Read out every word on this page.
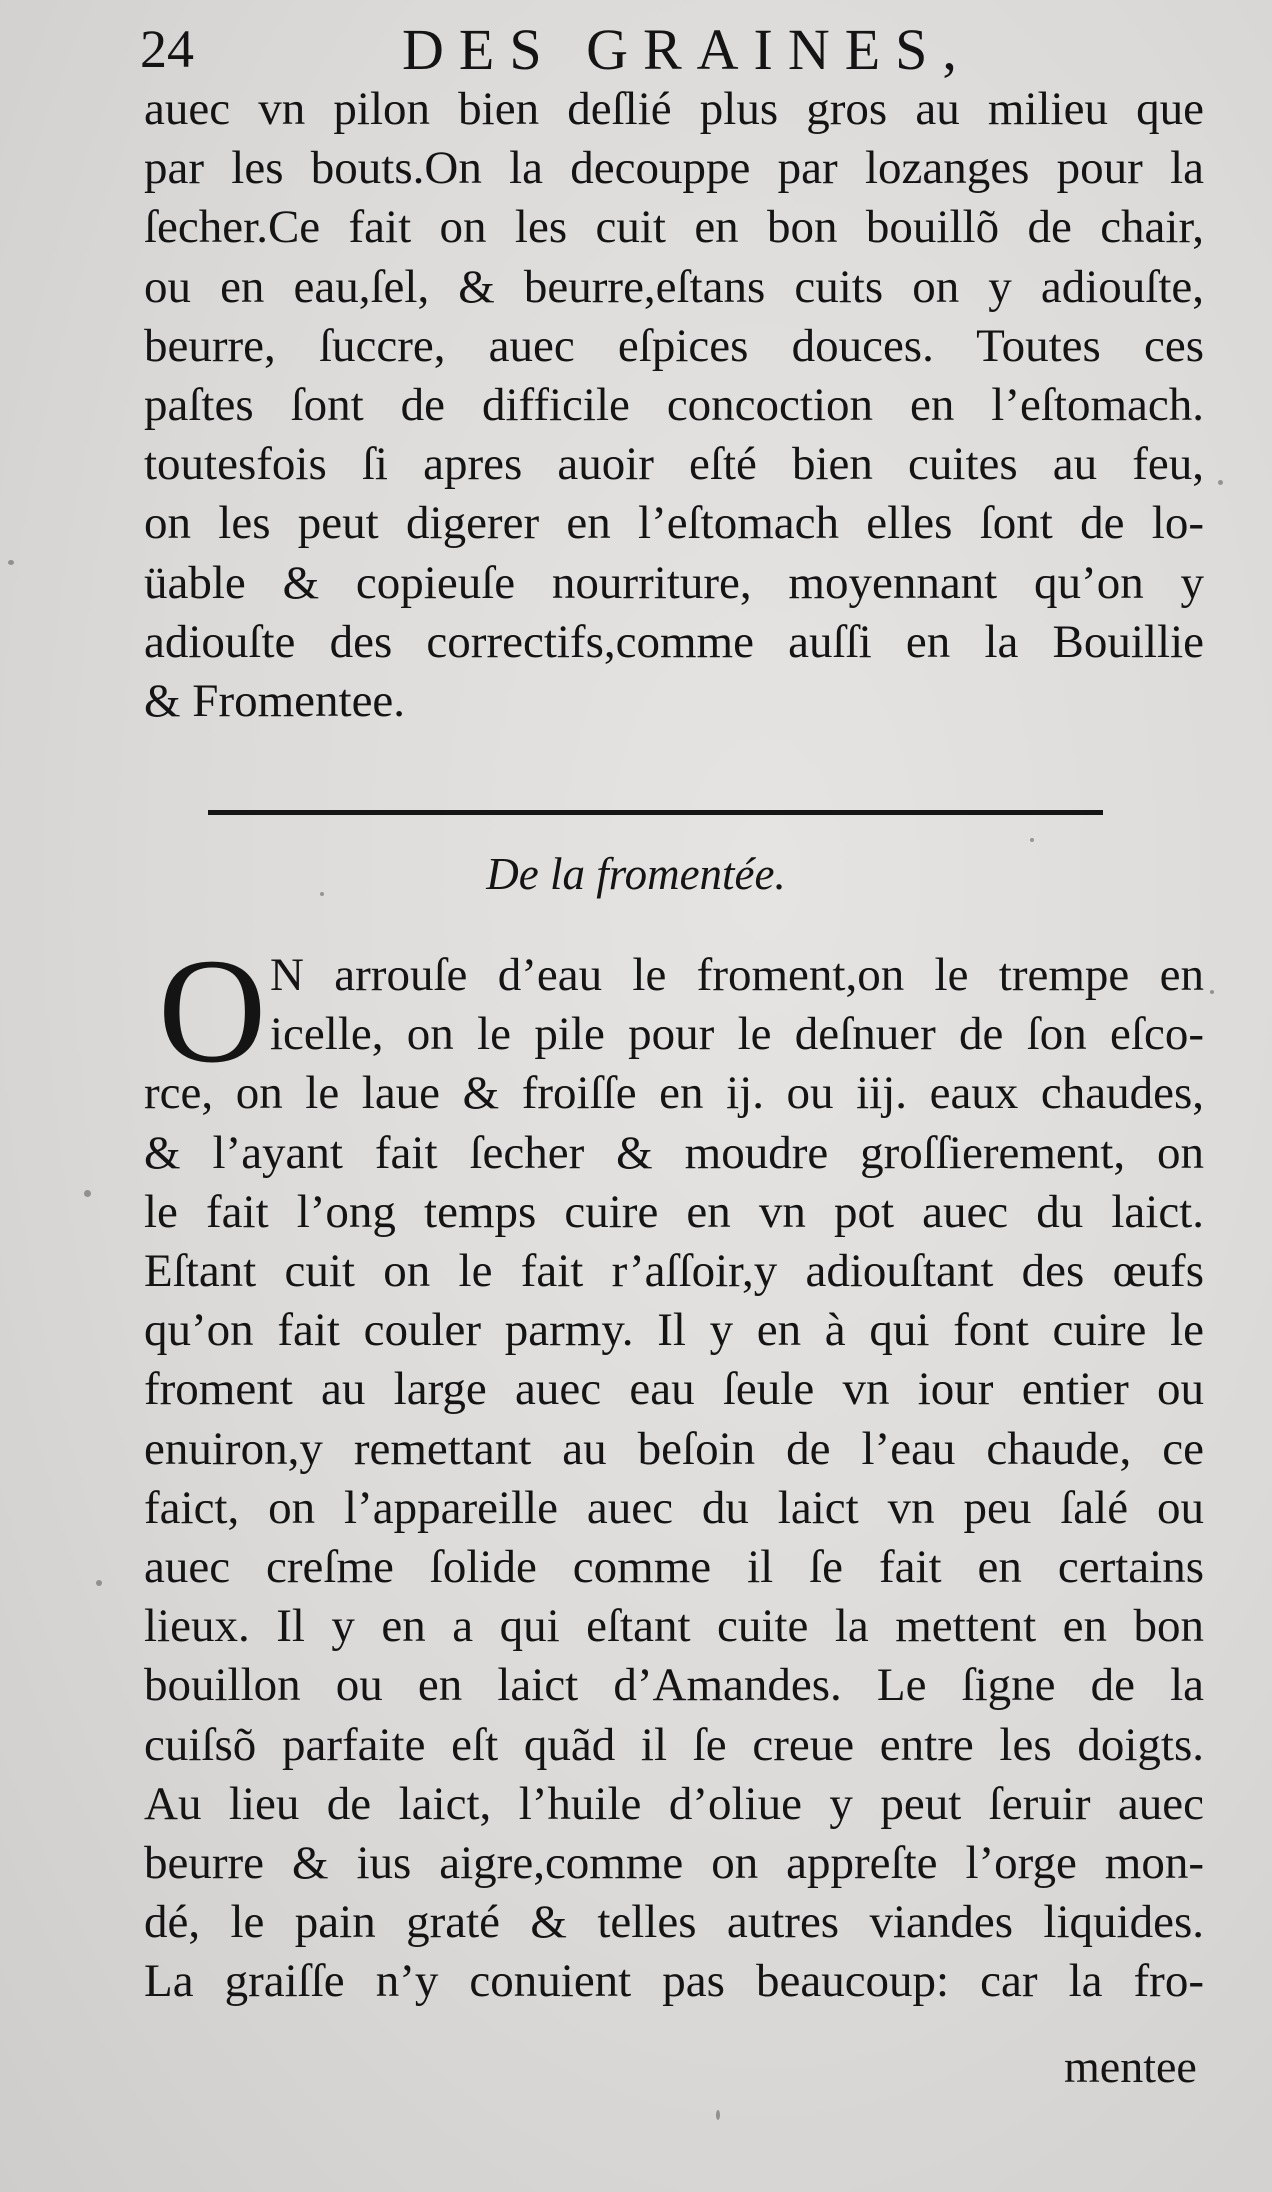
24	DES GRAINES,
auec vn pilon bien deſlié plus gros au milieu que
par les bouts.On la decouppe par lozanges pour la
ſecher.Ce fait on les cuit en bon bouillõ de chair,
ou en eau,ſel, & beurre,eſtans cuits on y adiouſte,
beurre, ſuccre, auec eſpices douces. Toutes ces
paſtes ſont de difficile concoction en l’eſtomach.
toutesfois ſi apres auoir eſté bien cuites au feu,
on les peut digerer en l’eſtomach elles ſont de lo-
üable & copieuſe nourriture, moyennant qu’on y
adiouſte des correctifs,comme auſſi en la Bouillie
& Fromentee.
De la fromentée.
O N arrouſe d’eau le froment,on le trempe en
icelle, on le pile pour le deſnuer de ſon eſco-
rce, on le laue & froiſſe en ij. ou iij. eaux chaudes,
& l’ayant fait ſecher & moudre groſſierement, on
le fait l’ong temps cuire en vn pot auec du laict.
Eſtant cuit on le fait r’aſſoir,y adiouſtant des œufs
qu’on fait couler parmy. Il y en à qui font cuire le
froment au large auec eau ſeule vn iour entier ou
enuiron,y remettant au beſoin de l’eau chaude, ce
faict, on l’appareille auec du laict vn peu ſalé ou
auec creſme ſolide comme il ſe fait en certains
lieux. Il y en a qui eſtant cuite la mettent en bon
bouillon ou en laict d’Amandes. Le ſigne de la
cuiſsõ parfaite eſt quãd il ſe creue entre les doigts.
Au lieu de laict, l’huile d’oliue y peut ſeruir auec
beurre & ius aigre,comme on appreſte l’orge mon-
dé, le pain graté & telles autres viandes liquides.
La graiſſe n’y conuient pas beaucoup: car la fro-
mentee
